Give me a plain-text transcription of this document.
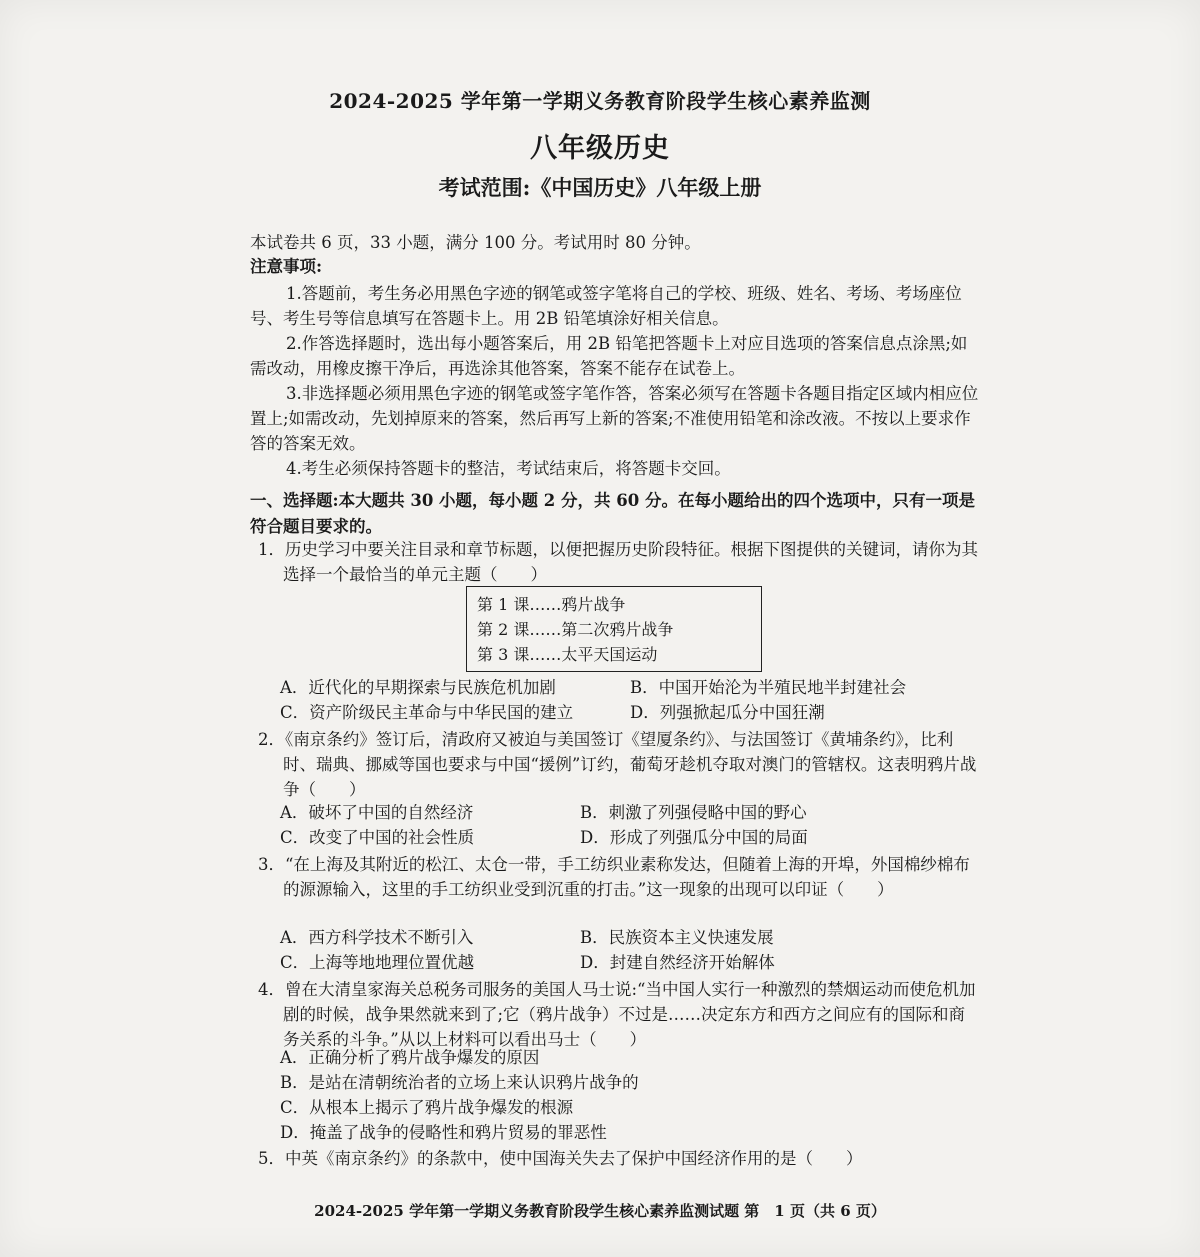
2024-2025 学年第一学期义务教育阶段学生核心素养监测
八年级历史
考试范围:《中国历史》八年级上册
本试卷共 6 页，33 小题，满分 100 分。考试用时 80 分钟。
注意事项:

1.答题前，考生务必用黑色字迹的钢笔或签字笔将自己的学校、班级、姓名、考场、考场座位号、考生号等信息填写在答题卡上。用 2B 铅笔填涂好相关信息。

2.作答选择题时，选出每小题答案后，用 2B 铅笔把答题卡上对应目选项的答案信息点涂黑;如需改动，用橡皮擦干净后，再选涂其他答案，答案不能存在试卷上。

3.非选择题必须用黑色字迹的钢笔或签字笔作答，答案必须写在答题卡各题目指定区域内相应位置上;如需改动，先划掉原来的答案，然后再写上新的答案;不准使用铅笔和涂改液。不按以上要求作答的答案无效。

4.考生必须保持答题卡的整洁，考试结束后，将答题卡交回。

一、选择题:本大题共 30 小题，每小题 2 分，共 60 分。在每小题给出的四个选项中，只有一项是符合题目要求的。

1．历史学习中要关注目录和章节标题，以便把握历史阶段特征。根据下图提供的关键词，请你为其选择一个最恰当的单元主题（　　）

第 1 课……鸦片战争
第 2 课……第二次鸦片战争
第 3 课……太平天国运动
A．近代化的早期探索与民族危机加剧	B．中国开始沦为半殖民地半封建社会
C．资产阶级民主革命与中华民国的建立	D．列强掀起瓜分中国狂潮

2．《南京条约》签订后，清政府又被迫与美国签订《望厦条约》、与法国签订《黄埔条约》，比利时、瑞典、挪威等国也要求与中国“援例”订约，葡萄牙趁机夺取对澳门的管辖权。这表明鸦片战争（　　）

A．破坏了中国的自然经济	B．刺激了列强侵略中国的野心
C．改变了中国的社会性质	D．形成了列强瓜分中国的局面

3．“在上海及其附近的松江、太仓一带，手工纺织业素称发达，但随着上海的开埠，外国棉纱棉布的源源输入，这里的手工纺织业受到沉重的打击。”这一现象的出现可以印证（　　）

A．西方科学技术不断引入	B．民族资本主义快速发展
C．上海等地地理位置优越	D．封建自然经济开始解体

4．曾在大清皇家海关总税务司服务的美国人马士说:“当中国人实行一种激烈的禁烟运动而使危机加剧的时候，战争果然就来到了;它（鸦片战争）不过是……决定东方和西方之间应有的国际和商务关系的斗争。”从以上材料可以看出马士（　　）

A．正确分析了鸦片战争爆发的原因
B．是站在清朝统治者的立场上来认识鸦片战争的
C．从根本上揭示了鸦片战争爆发的根源
D．掩盖了战争的侵略性和鸦片贸易的罪恶性

5．中英《南京条约》的条款中，使中国海关失去了保护中国经济作用的是（　　）

2024-2025 学年第一学期义务教育阶段学生核心素养监测试题 第　1 页（共 6 页）
